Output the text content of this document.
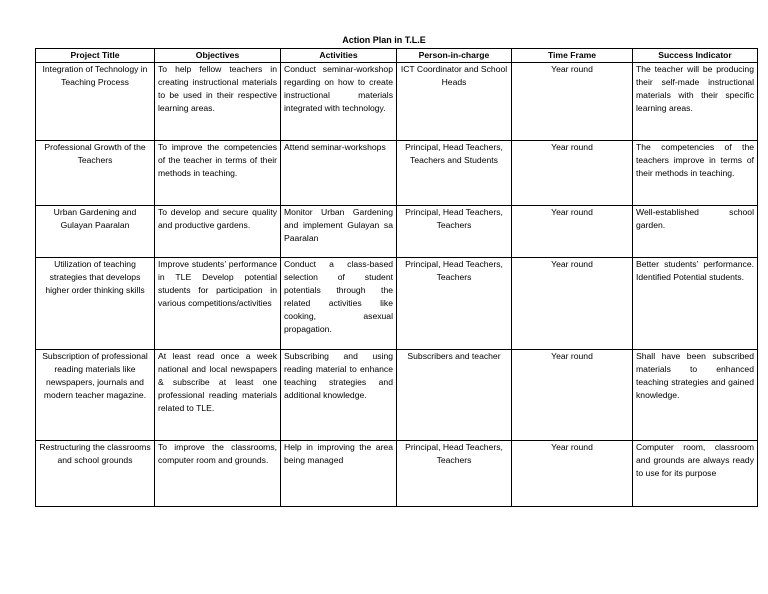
Action Plan in T.L.E
Project Title	Objectives	Activities	Person-in-charge	Time Frame	Success Indicator
Integration of Technology in Teaching Process	To help fellow teachers in creating instructional materials to be used in their respective learning areas.	Conduct seminar-workshop regarding on how to create instructional materials integrated with technology.	ICT Coordinator and School Heads	Year round	The teacher will be producing their self-made instructional materials with their specific learning areas.
Professional Growth of the Teachers	To improve the competencies of the teacher in terms of their methods in teaching.	Attend seminar-workshops	Principal, Head Teachers, Teachers and Students	Year round	The competencies of the teachers improve in terms of their methods in teaching.
Urban Gardening and Gulayan Paaralan	To develop and secure quality and productive gardens.	Monitor Urban Gardening and implement Gulayan sa Paaralan	Principal, Head Teachers, Teachers	Year round	Well-established school garden.
Utilization of teaching strategies that develops higher order thinking skills	Improve students’ performance in TLE Develop potential students for participation in various competitions/activities	Conduct a class-based selection of student potentials through the related activities like cooking, asexual propagation.	Principal, Head Teachers, Teachers	Year round	Better students’ performance. Identified Potential students.
Subscription of professional reading materials like newspapers, journals and modern teacher magazine.	At least read once a week national and local newspapers & subscribe at least one professional reading materials related to TLE.	Subscribing and using reading material to enhance teaching strategies and additional knowledge.	Subscribers and teacher	Year round	Shall have been subscribed materials to enhanced teaching strategies and gained knowledge.
Restructuring the classrooms and school grounds	To improve the classrooms, computer room and grounds.	Help in improving the area being managed	Principal, Head Teachers, Teachers	Year round	Computer room, classroom and grounds are always ready to use for its purpose
